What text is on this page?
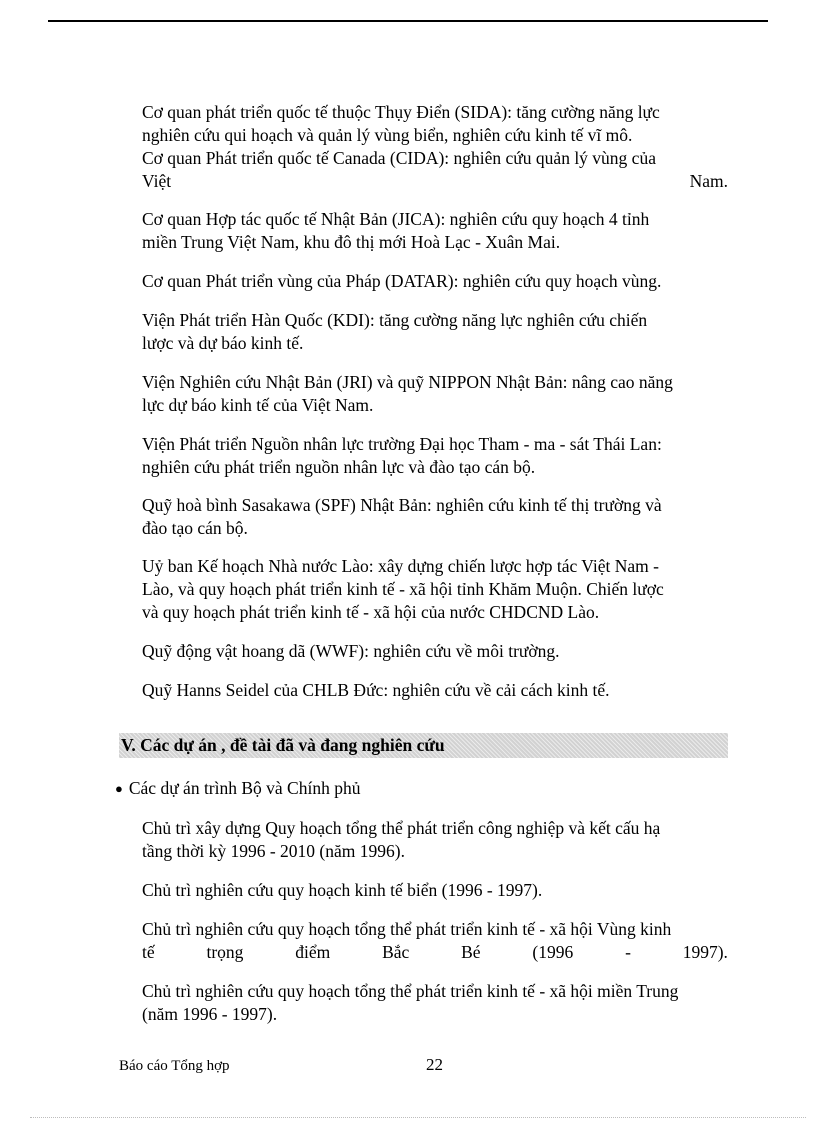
Cơ quan phát triển quốc tế thuộc Thụy Điển (SIDA): tăng cường năng lực
nghiên cứu qui hoạch và quản lý vùng biển, nghiên cứu kinh tế vĩ mô.
Cơ quan Phát triển quốc tế Canada (CIDA): nghiên cứu quản lý vùng của
Việt	Nam.

Cơ quan Hợp tác quốc tế Nhật Bản (JICA): nghiên cứu quy hoạch 4 tỉnh
miền Trung Việt Nam, khu đô thị mới Hoà Lạc - Xuân Mai.

Cơ quan Phát triển vùng của Pháp (DATAR): nghiên cứu quy hoạch vùng.

Viện Phát triển Hàn Quốc (KDI): tăng cường năng lực nghiên cứu chiến
lược và dự báo kinh tế.

Viện Nghiên cứu Nhật Bản (JRI) và quỹ NIPPON Nhật Bản: nâng cao năng
lực dự báo kinh tế của Việt Nam.

Viện Phát triển Nguồn nhân lực trường Đại học Tham - ma - sát Thái Lan:
nghiên cứu phát triển nguồn nhân lực và đào tạo cán bộ.

Quỹ hoà bình Sasakawa (SPF) Nhật Bản: nghiên cứu kinh tế thị trường và
đào tạo cán bộ.

Uỷ ban Kế hoạch Nhà nước Lào: xây dựng chiến lược hợp tác Việt Nam -
Lào, và quy hoạch phát triển kinh tế - xã hội tỉnh Khăm Muộn. Chiến lược
và quy hoạch phát triển kinh tế - xã hội của nước CHDCND Lào.

Quỹ động vật hoang dã (WWF): nghiên cứu về môi trường.

Quỹ Hanns Seidel của CHLB Đức: nghiên cứu về cải cách kinh tế.

V. Các dự án , đề tài đã và đang nghiên cứu
● Các dự án trình Bộ và Chính phủ

Chủ trì xây dựng Quy hoạch tổng thể phát triển công nghiệp và kết cấu hạ
tầng thời kỳ 1996 - 2010 (năm 1996).

Chủ trì nghiên cứu quy hoạch kinh tế biển (1996 - 1997).

Chủ trì nghiên cứu quy hoạch tổng thể phát triển kinh tế - xã hội Vùng kinh
tế	trọng	điểm	Bắc	Bé	(1996	-	1997).

Chủ trì nghiên cứu quy hoạch tổng thể phát triển kinh tế - xã hội miền Trung
(năm 1996 - 1997).

Báo cáo Tổng hợp	22
